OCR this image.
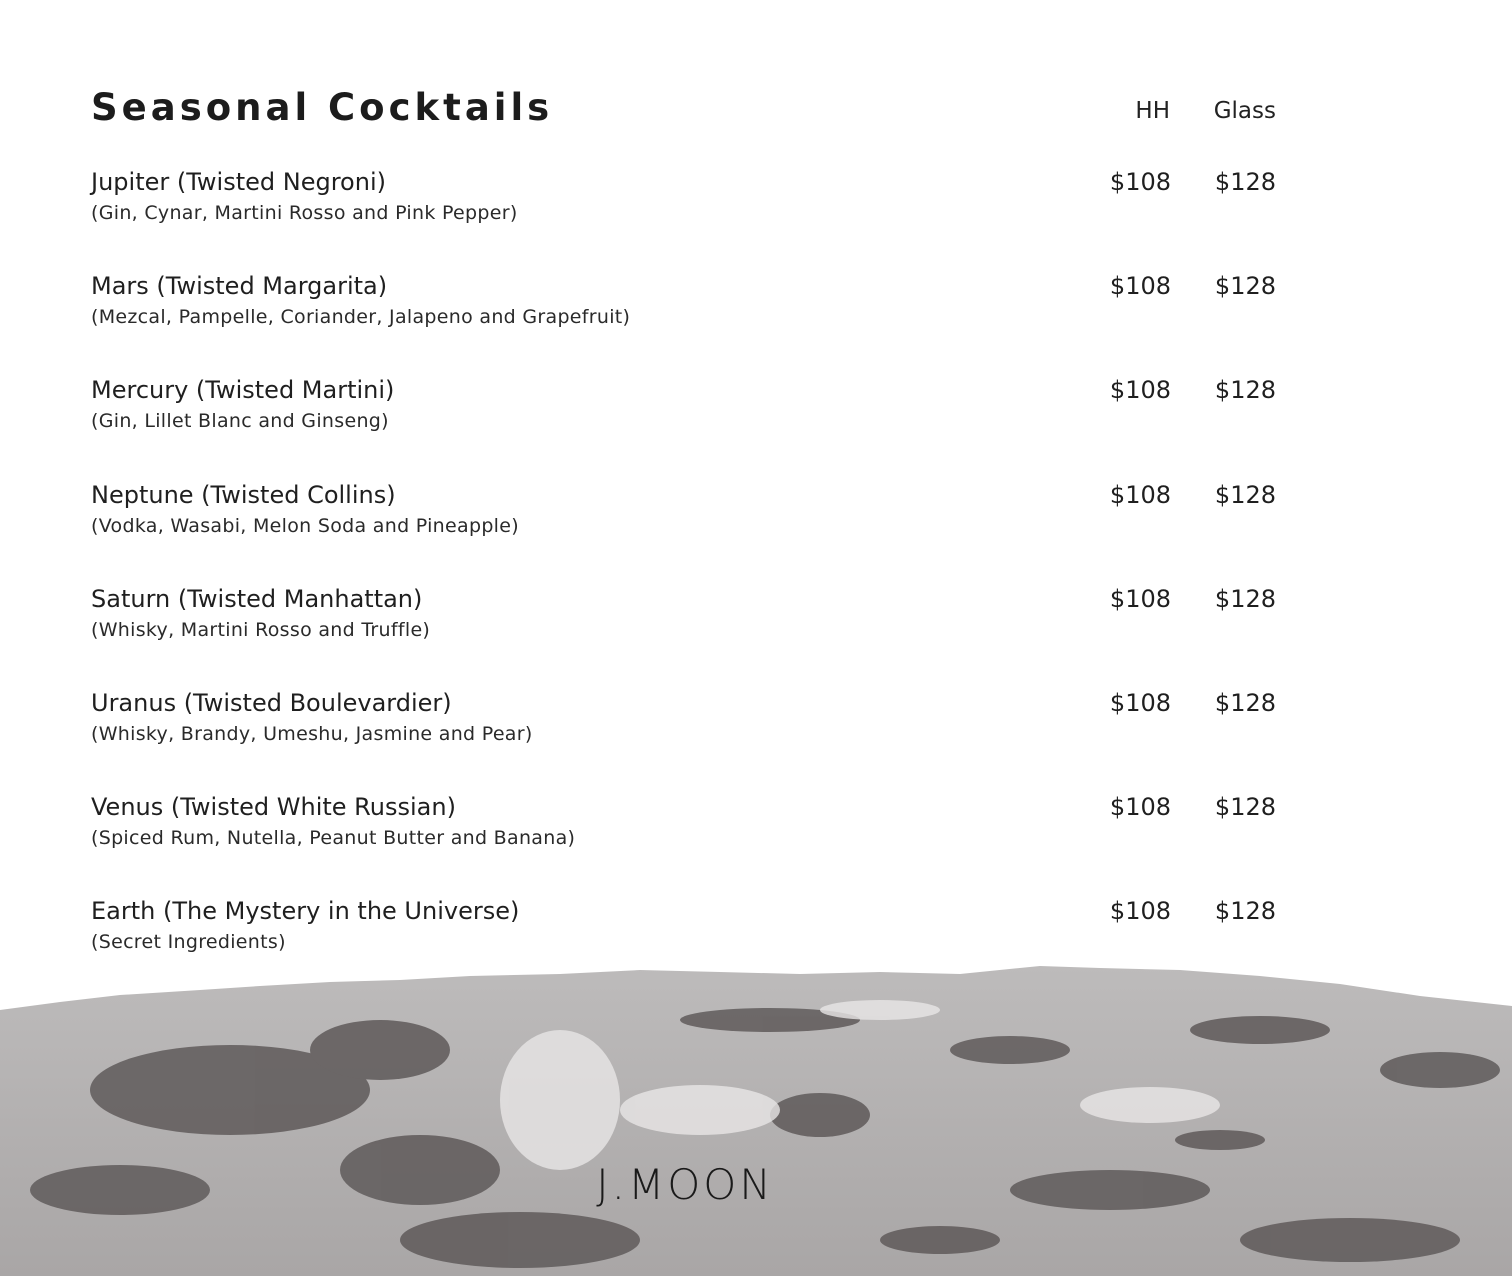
Seasonal Cocktails	HH	Glass
Jupiter (Twisted Negroni)
(Gin, Cynar, Martini Rosso and Pink Pepper)
$108	$128
Mars (Twisted Margarita)
(Mezcal, Pampelle, Coriander, Jalapeno and Grapefruit)
$108	$128
Mercury (Twisted Martini)
(Gin, Lillet Blanc and Ginseng)
$108	$128
Neptune (Twisted Collins)
(Vodka, Wasabi, Melon Soda and Pineapple)
$108	$128
Saturn (Twisted Manhattan)
(Whisky, Martini Rosso and Truffle)
$108	$128
Uranus (Twisted Boulevardier)
(Whisky, Brandy, Umeshu, Jasmine and Pear)
$108	$128
Venus (Twisted White Russian)
(Spiced Rum, Nutella, Peanut Butter and Banana)
$108	$128
Earth (The Mystery in the Universe)
(Secret Ingredients)
$108	$128
J.MOON
